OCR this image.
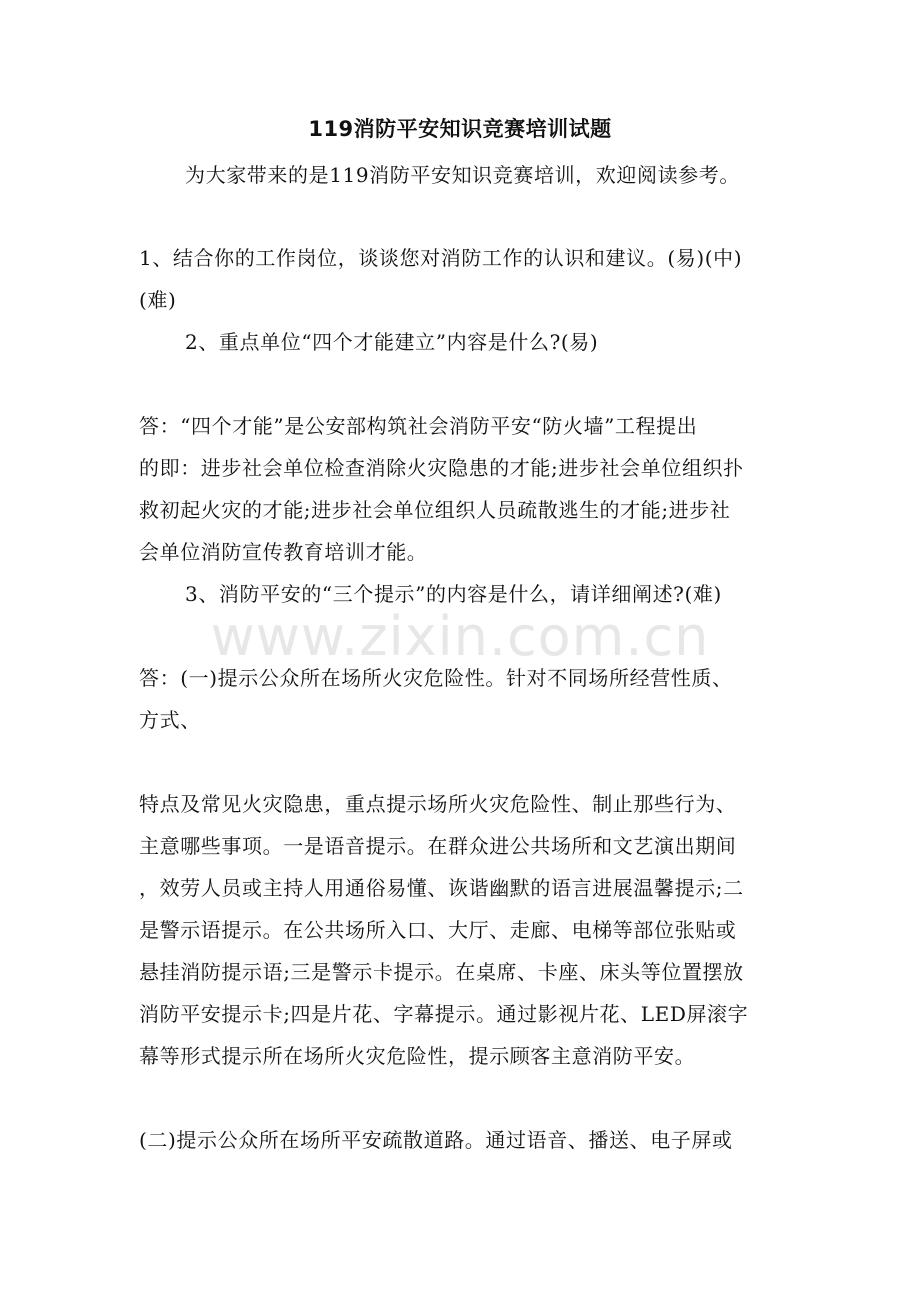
www.zixin.com.cn
119消防平安知识竞赛培训试题
为大家带来的是119消防平安知识竞赛培训，欢迎阅读参考。
1、结合你的工作岗位，谈谈您对消防工作的认识和建议。(易)(中)
(难)
2、重点单位“四个才能建立”内容是什么?(易)
答：“四个才能”是公安部构筑社会消防平安“防火墙”工程提出
的即：进步社会单位检查消除火灾隐患的才能;进步社会单位组织扑
救初起火灾的才能;进步社会单位组织人员疏散逃生的才能;进步社
会单位消防宣传教育培训才能。
3、消防平安的“三个提示”的内容是什么，请详细阐述?(难)
答：(一)提示公众所在场所火灾危险性。针对不同场所经营性质、
方式、
特点及常见火灾隐患，重点提示场所火灾危险性、制止那些行为、
主意哪些事项。一是语音提示。在群众进公共场所和文艺演出期间
，效劳人员或主持人用通俗易懂、诙谐幽默的语言进展温馨提示;二
是警示语提示。在公共场所入口、大厅、走廊、电梯等部位张贴或
悬挂消防提示语;三是警示卡提示。在桌席、卡座、床头等位置摆放
消防平安提示卡;四是片花、字幕提示。通过影视片花、LED屏滚字
幕等形式提示所在场所火灾危险性，提示顾客主意消防平安。
(二)提示公众所在场所平安疏散道路。通过语音、播送、电子屏或
